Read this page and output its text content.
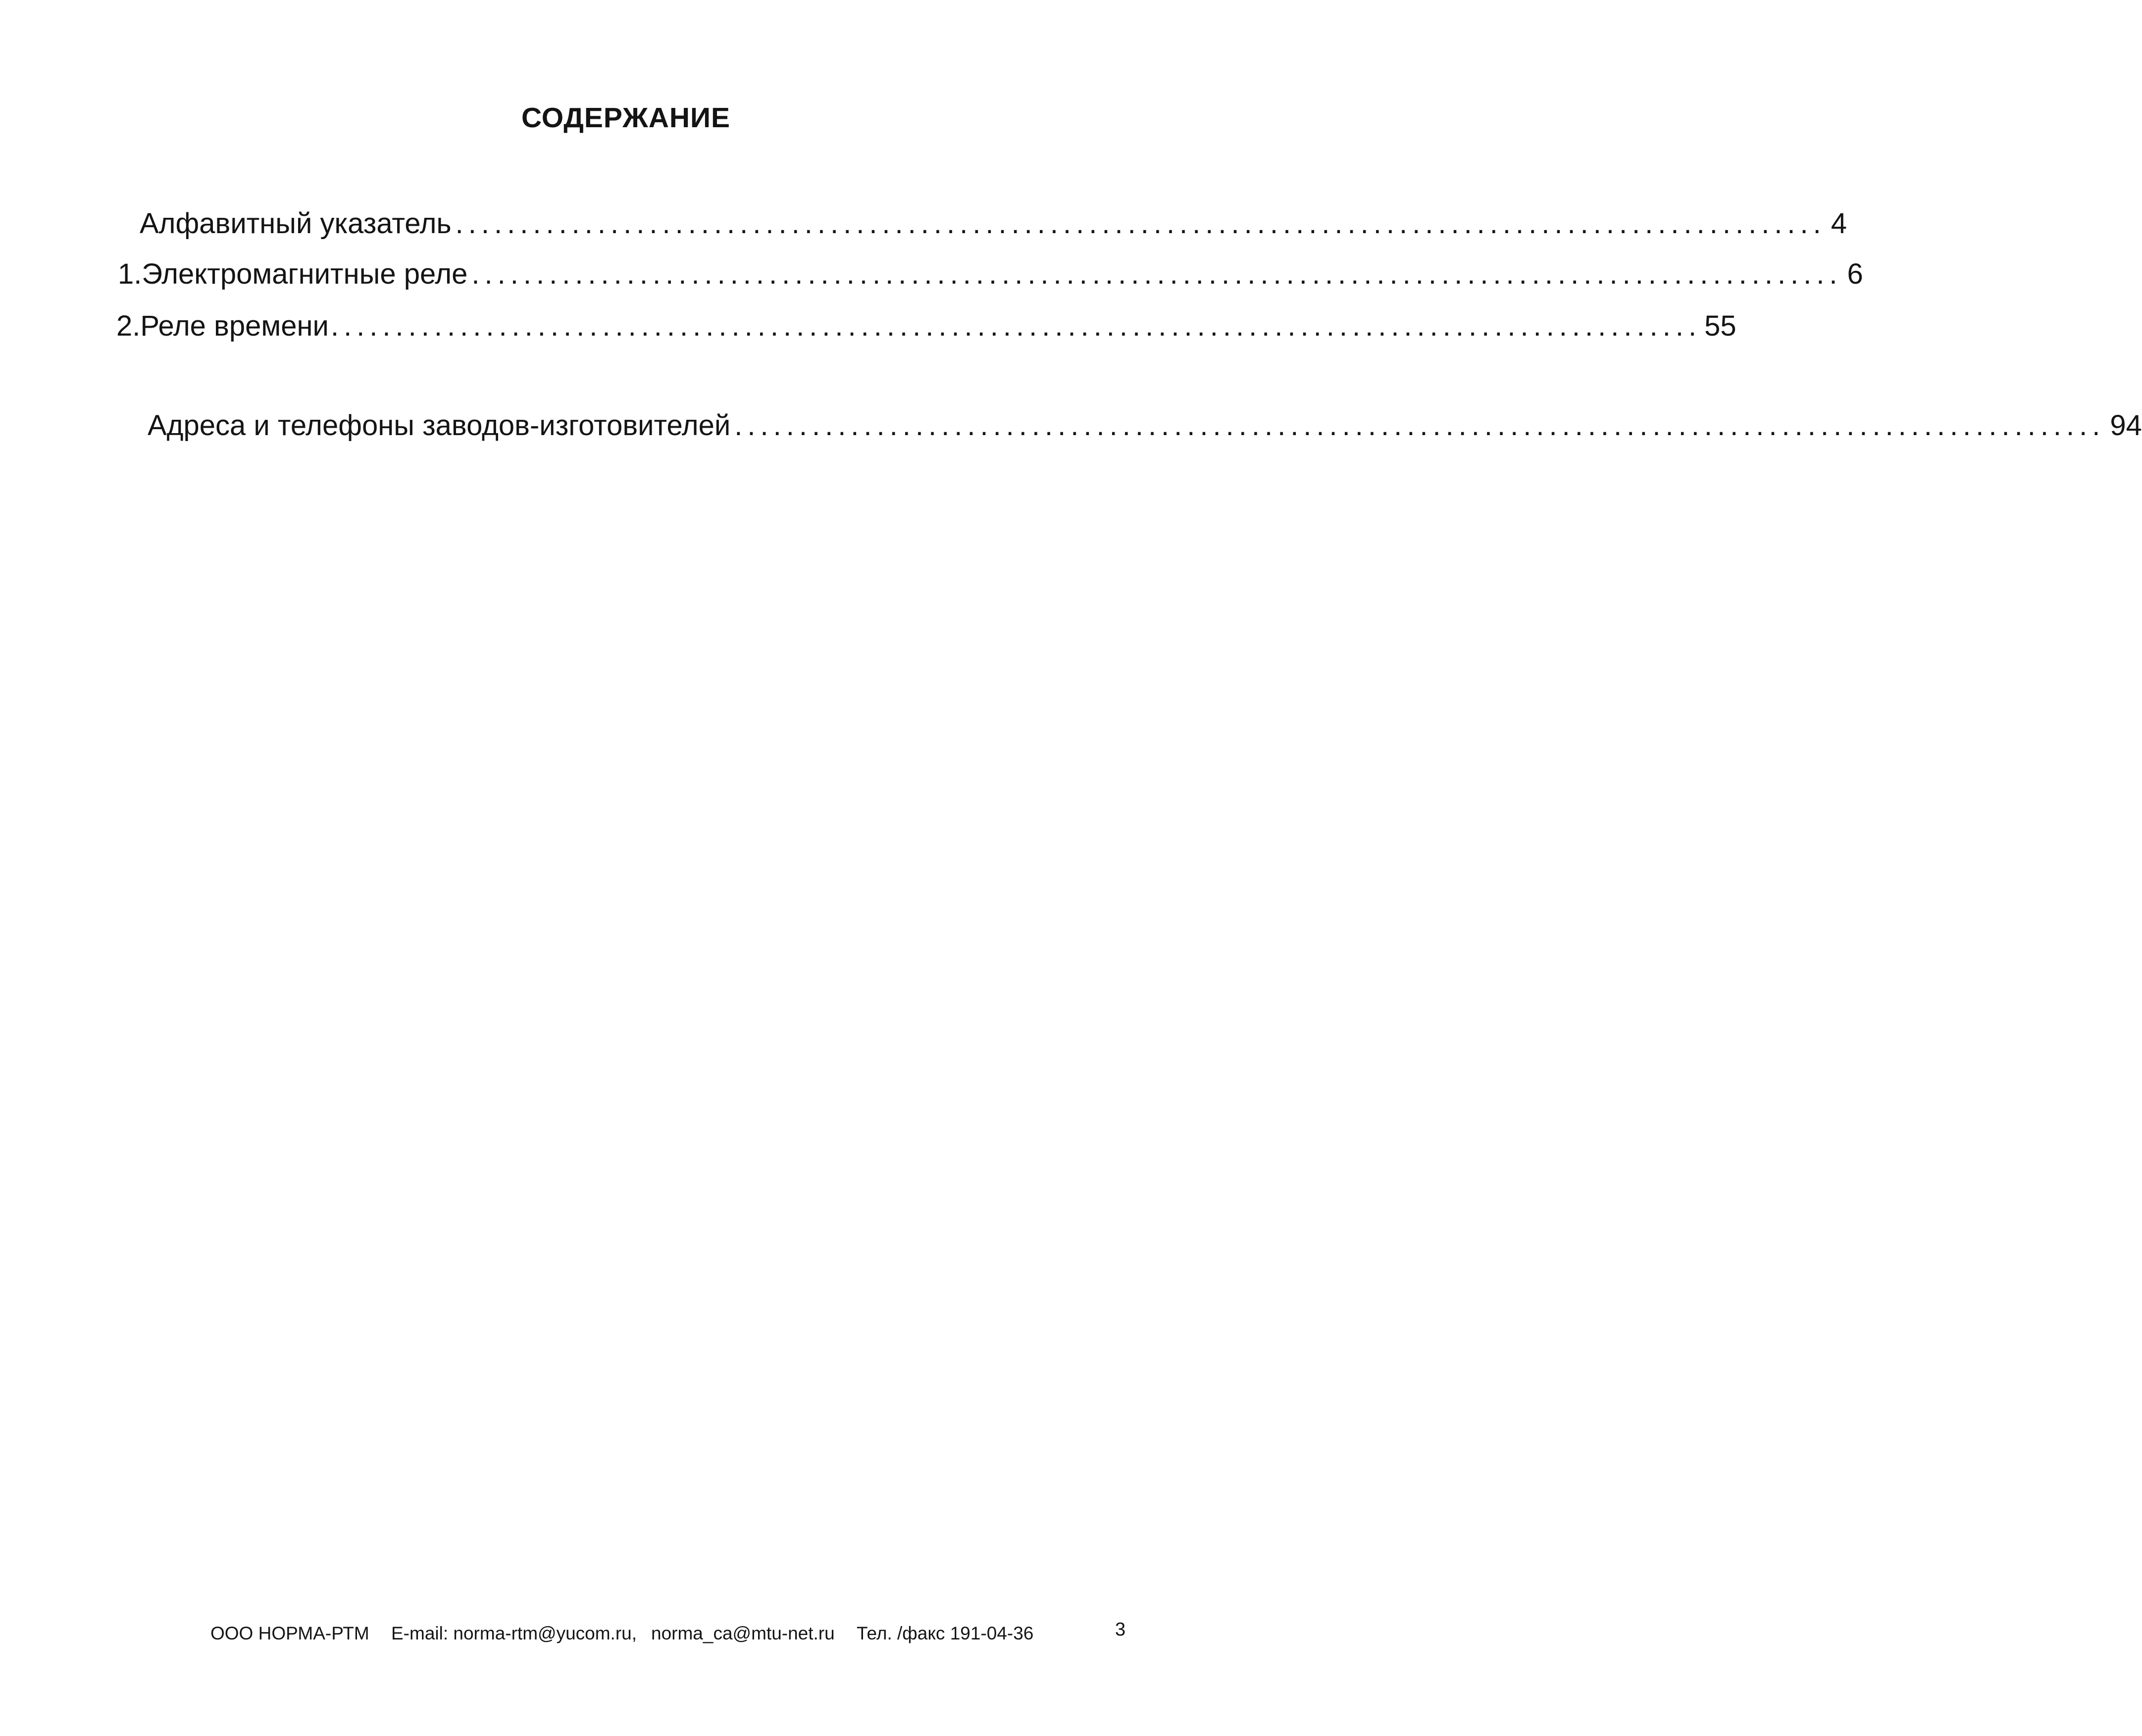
СОДЕРЖАНИЕ
Алфавитный указатель .......................................................................................................... 4
1. Электромагнитные реле .......................................................................................................... 6
2. Реле времени .......................................................................................................... 55
Адреса и телефоны заводов-изготовителей .......................................................................................................... 94
ООО НОРМА-РТМ E-mail: norma-rtm@yucom.ru, norma_ca@mtu-net.ru Тел. /факс 191-04-36	3
